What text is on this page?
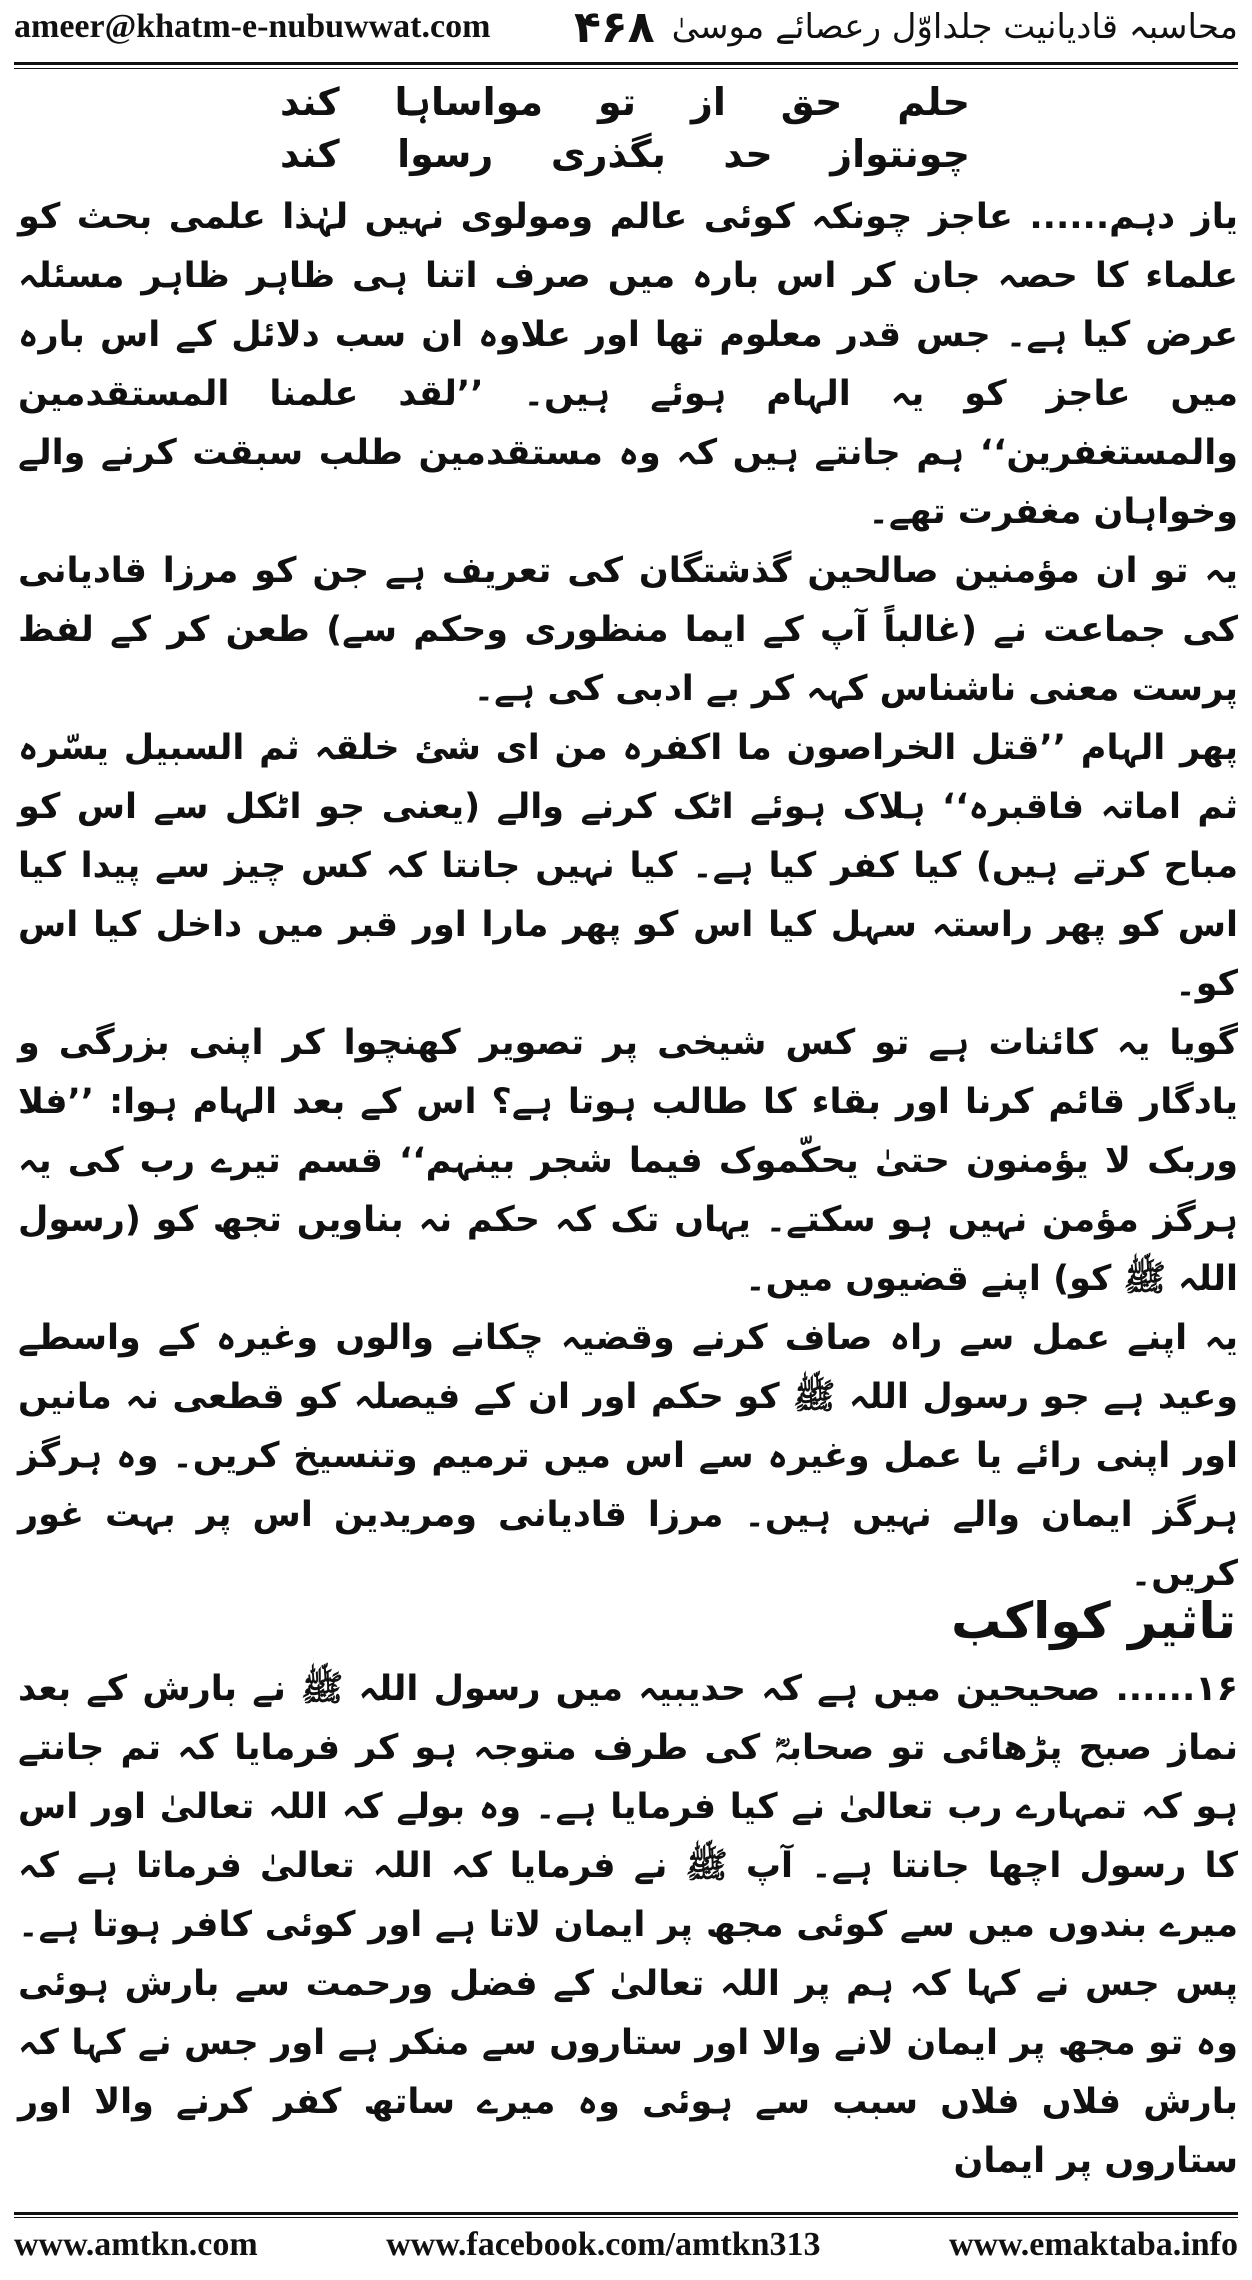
ameer@khatm-e-nubuwwat.com ۴۶۸ محاسبہ قادیانیت جلداوّل رعصائے موسیٰ
حلم
حق
از
تو
مواساہا
کند
چونتواز
حد
بگذری
رسوا
کند

یاز دہم...... عاجز چونکہ کوئی عالم ومولوی نہیں لہٰذا علمی بحث کو علماء کا حصہ جان کر اس بارہ میں صرف اتنا ہی ظاہر ظاہر مسئلہ عرض کیا ہے۔ جس قدر معلوم تھا اور علاوہ ان سب دلائل کے اس بارہ میں عاجز کو یہ الہام ہوئے ہیں۔ ’’لقد علمنا المستقدمین والمستغفرین‘‘ ہم جانتے ہیں کہ وہ مستقدمین طلب سبقت کرنے والے وخواہان مغفرت تھے۔

یہ تو ان مؤمنین صالحین گذشتگان کی تعریف ہے جن کو مرزا قادیانی کی جماعت نے (غالباً آپ کے ایما منظوری وحکم سے) طعن کر کے لفظ پرست معنی ناشناس کہہ کر بے ادبی کی ہے۔

پھر الہام ’’قتل الخراصون ما اکفرہ من ای شئ خلقہ ثم السبیل یسّرہ ثم اماتہ فاقبرہ‘‘ ہلاک ہوئے اٹک کرنے والے (یعنی جو اٹکل سے اس کو مباح کرتے ہیں) کیا کفر کیا ہے۔ کیا نہیں جانتا کہ کس چیز سے پیدا کیا اس کو پھر راستہ سہل کیا اس کو پھر مارا اور قبر میں داخل کیا اس کو۔

گویا یہ کائنات ہے تو کس شیخی پر تصویر کھنچوا کر اپنی بزرگی و یادگار قائم کرنا اور بقاء کا طالب ہوتا ہے؟ اس کے بعد الہام ہوا: ’’فلا وربک لا یؤمنون حتیٰ یحکّموک فیما شجر بینہم‘‘ قسم تیرے رب کی یہ ہرگز مؤمن نہیں ہو سکتے۔ یہاں تک کہ حکم نہ بناویں تجھ کو (رسول اللہ ﷺ کو) اپنے قضیوں میں۔

یہ اپنے عمل سے راہ صاف کرنے وقضیہ چکانے والوں وغیرہ کے واسطے وعید ہے جو رسول اللہ ﷺ کو حکم اور ان کے فیصلہ کو قطعی نہ مانیں اور اپنی رائے یا عمل وغیرہ سے اس میں ترمیم وتنسیخ کریں۔ وہ ہرگز ہرگز ایمان والے نہیں ہیں۔ مرزا قادیانی ومریدین اس پر بہت غور کریں۔

تاثیر کواکب

۱۶...... صحیحین میں ہے کہ حدیبیہ میں رسول اللہ ﷺ نے بارش کے بعد نماز صبح پڑھائی تو صحابہؓ کی طرف متوجہ ہو کر فرمایا کہ تم جانتے ہو کہ تمہارے رب تعالیٰ نے کیا فرمایا ہے۔ وہ بولے کہ اللہ تعالیٰ اور اس کا رسول اچھا جانتا ہے۔ آپ ﷺ نے فرمایا کہ اللہ تعالیٰ فرماتا ہے کہ میرے بندوں میں سے کوئی مجھ پر ایمان لاتا ہے اور کوئی کافر ہوتا ہے۔ پس جس نے کہا کہ ہم پر اللہ تعالیٰ کے فضل ورحمت سے بارش ہوئی وہ تو مجھ پر ایمان لانے والا اور ستاروں سے منکر ہے اور جس نے کہا کہ بارش فلاں فلاں سبب سے ہوئی وہ میرے ساتھ کفر کرنے والا اور ستاروں پر ایمان

www.amtkn.com	www.facebook.com/amtkn313	www.emaktaba.info
